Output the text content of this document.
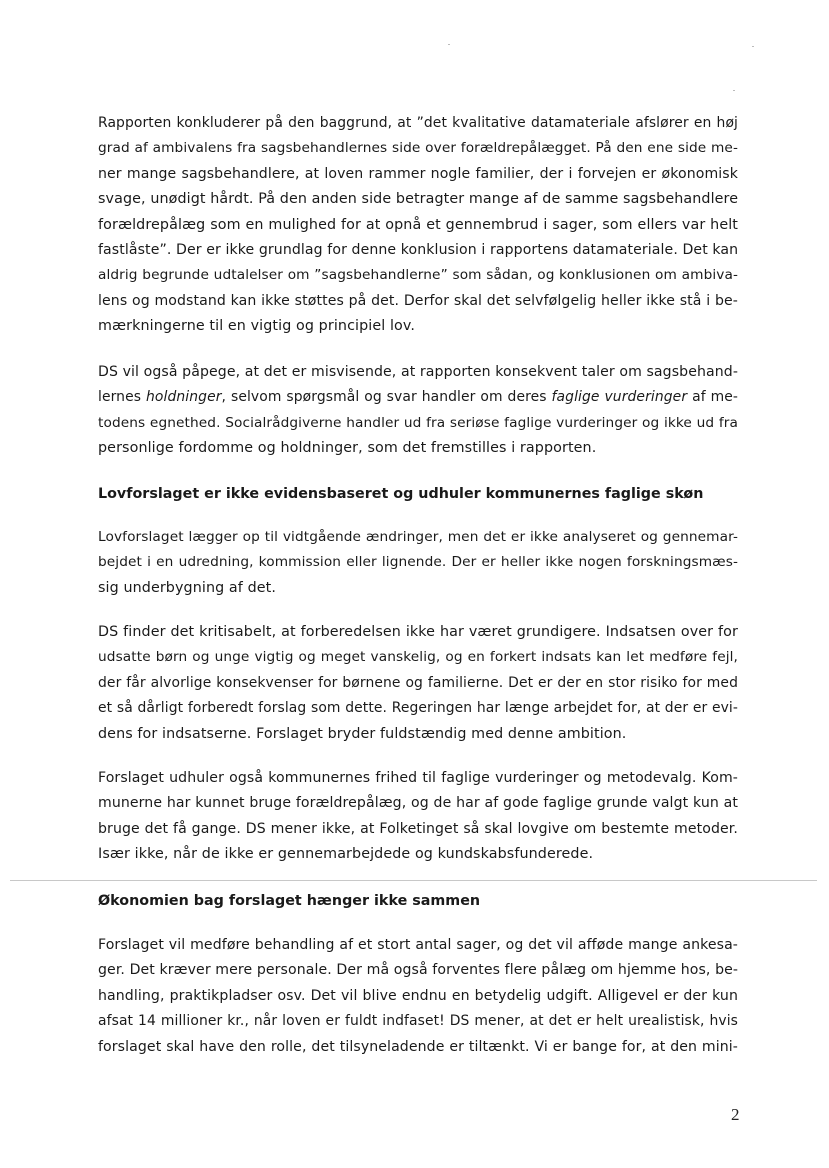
Rapporten konkluderer på den baggrund, at ”det kvalitative datamateriale afslører en høj
grad af ambivalens fra sagsbehandlernes side over forældrepålægget. På den ene side me-
ner mange sagsbehandlere, at loven rammer nogle familier, der i forvejen er økonomisk
svage, unødigt hårdt. På den anden side betragter mange af de samme sagsbehandlere
forældrepålæg som en mulighed for at opnå et gennembrud i sager, som ellers var helt
fastlåste”. Der er ikke grundlag for denne konklusion i rapportens datamateriale. Det kan
aldrig begrunde udtalelser om ”sagsbehandlerne” som sådan, og konklusionen om ambiva-
lens og modstand kan ikke støttes på det. Derfor skal det selvfølgelig heller ikke stå i be-
mærkningerne til en vigtig og principiel lov.
DS vil også påpege, at det er misvisende, at rapporten konsekvent taler om sagsbehand-
lernes holdninger, selvom spørgsmål og svar handler om deres faglige vurderinger af me-
todens egnethed. Socialrådgiverne handler ud fra seriøse faglige vurderinger og ikke ud fra
personlige fordomme og holdninger, som det fremstilles i rapporten.
Lovforslaget er ikke evidensbaseret og udhuler kommunernes faglige skøn
Lovforslaget lægger op til vidtgående ændringer, men det er ikke analyseret og gennemar-
bejdet i en udredning, kommission eller lignende. Der er heller ikke nogen forskningsmæs-
sig underbygning af det.
DS finder det kritisabelt, at forberedelsen ikke har været grundigere. Indsatsen over for
udsatte børn og unge vigtig og meget vanskelig, og en forkert indsats kan let medføre fejl,
der får alvorlige konsekvenser for børnene og familierne. Det er der en stor risiko for med
et så dårligt forberedt forslag som dette. Regeringen har længe arbejdet for, at der er evi-
dens for indsatserne. Forslaget bryder fuldstændig med denne ambition.
Forslaget udhuler også kommunernes frihed til faglige vurderinger og metodevalg. Kom-
munerne har kunnet bruge forældrepålæg, og de har af gode faglige grunde valgt kun at
bruge det få gange. DS mener ikke, at Folketinget så skal lovgive om bestemte metoder.
Især ikke, når de ikke er gennemarbejdede og kundskabsfunderede.
Økonomien bag forslaget hænger ikke sammen
Forslaget vil medføre behandling af et stort antal sager, og det vil afføde mange ankesa-
ger. Det kræver mere personale. Der må også forventes flere pålæg om hjemme hos, be-
handling, praktikpladser osv. Det vil blive endnu en betydelig udgift. Alligevel er der kun
afsat 14 millioner kr., når loven er fuldt indfaset! DS mener, at det er helt urealistisk, hvis
forslaget skal have den rolle, det tilsyneladende er tiltænkt. Vi er bange for, at den mini-
2
